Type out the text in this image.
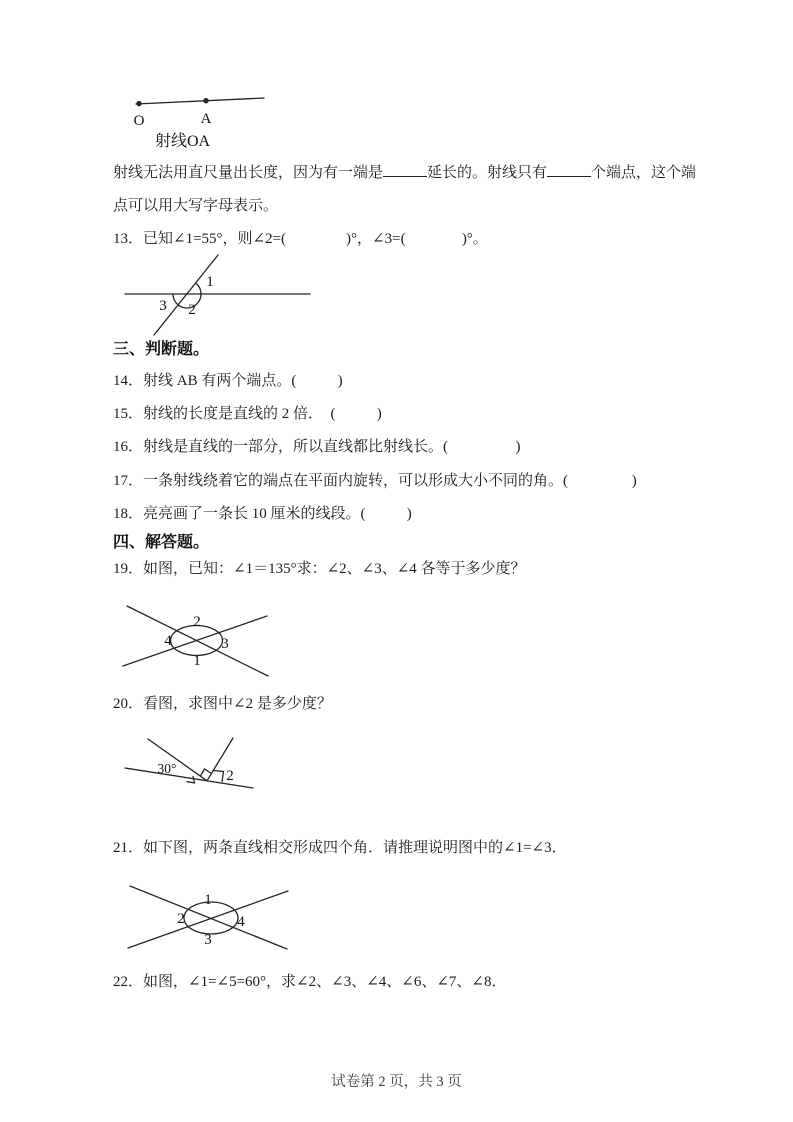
O	A
射线OA
射线无法用直尺量出长度，因为有一端是	延长的。射线只有	个端点，这个端
点可以用大写字母表示。
13．已知∠1=55°，则∠2=(                )°，∠3=(               )°。
1
3 2
三、判断题。
14．射线 AB 有两个端点。(           )
15．射线的长度是直线的 2 倍．  (           )
16．射线是直线的一部分，所以直线都比射线长。(                  )
17．一条射线绕着它的端点在平面内旋转，可以形成大小不同的角。(                 )
18．亮亮画了一条长 10 厘米的线段。(           )
四、解答题。
19．如图，已知：∠1＝135°求：∠2、∠3、∠4 各等于多少度？
2
4	3
1
20．看图，求图中∠2 是多少度？
30°	2
21．如下图，两条直线相交形成四个角．请推理说明图中的∠1=∠3．
1
2	4
3
22．如图，∠1=∠5=60°，求∠2、∠3、∠4、∠6、∠7、∠8．
试卷第 2 页，共 3 页
